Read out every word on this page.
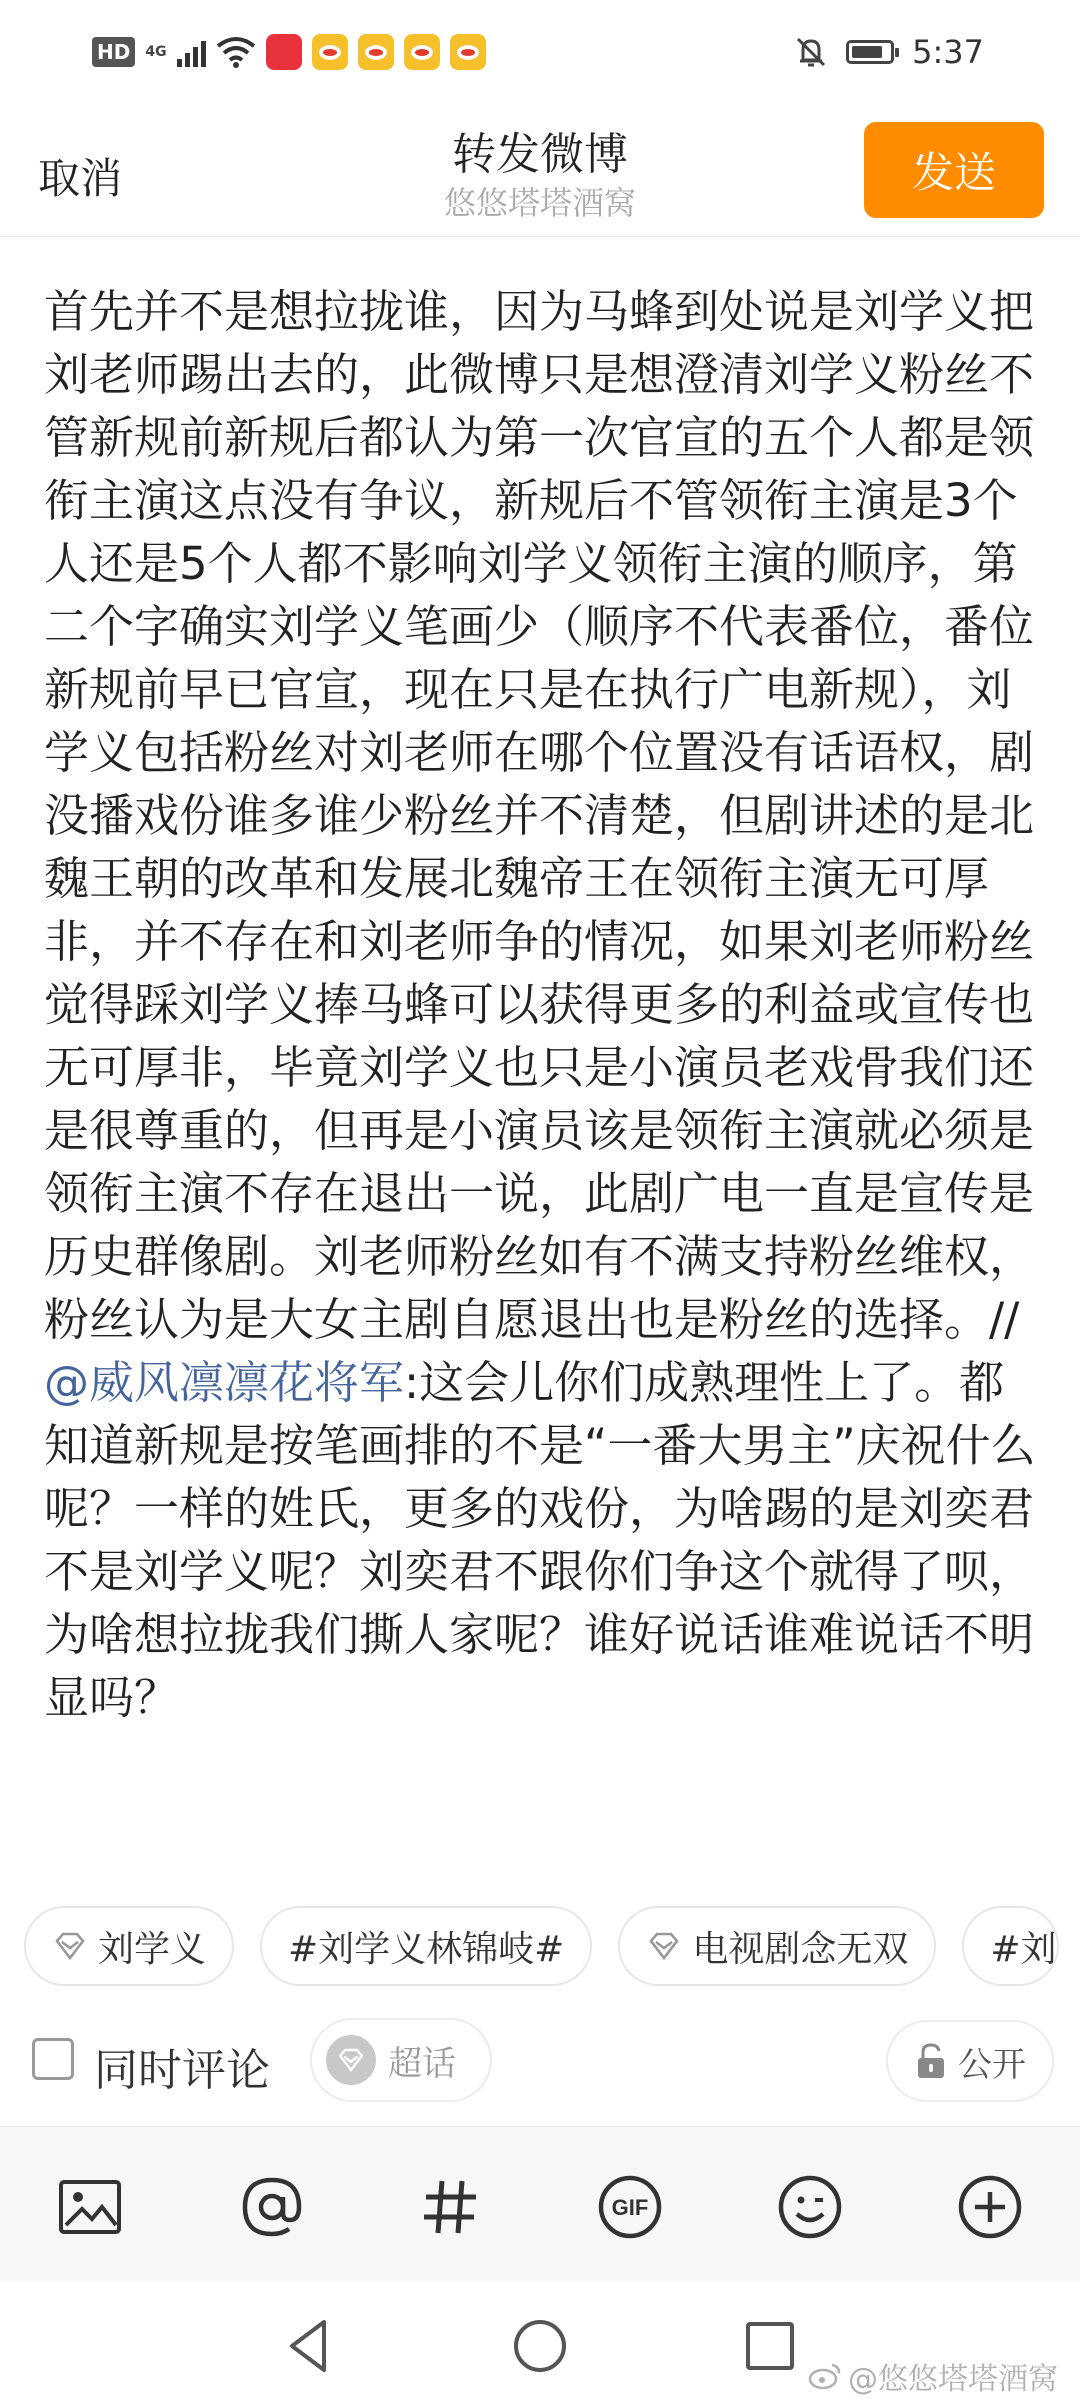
HD	4G	5:37
取消	转发微博
悠悠塔塔酒窝
发送
首先并不是想拉拢谁，因为马蜂到处说是刘学义把刘老师踢出去的，此微博只是想澄清刘学义粉丝不管新规前新规后都认为第一次官宣的五个人都是领衔主演这点没有争议，新规后不管领衔主演是3个人还是5个人都不影响刘学义领衔主演的顺序，第二个字确实刘学义笔画少（顺序不代表番位，番位新规前早已官宣，现在只是在执行广电新规），刘学义包括粉丝对刘老师在哪个位置没有话语权，剧没播戏份谁多谁少粉丝并不清楚，但剧讲述的是北魏王朝的改革和发展北魏帝王在领衔主演无可厚非，并不存在和刘老师争的情况，如果刘老师粉丝觉得踩刘学义捧马蜂可以获得更多的利益或宣传也无可厚非，毕竟刘学义也只是小演员老戏骨我们还是很尊重的，但再是小演员该是领衔主演就必须是领衔主演不存在退出一说，此剧广电一直是宣传是历史群像剧。刘老师粉丝如有不满支持粉丝维权，粉丝认为是大女主剧自愿退出也是粉丝的选择。//@威风凛凛花将军:这会儿你们成熟理性上了。都知道新规是按笔画排的不是“一番大男主”庆祝什么呢？一样的姓氏，更多的戏份，为啥踢的是刘奕君不是刘学义呢？刘奕君不跟你们争这个就得了呗，为啥想拉拢我们撕人家呢？谁好说话谁难说话不明显吗？
刘学义 #刘学义林锦岐#	电视剧念无双 #刘
同时评论	超话	公开
GIF
@悠悠塔塔酒窝
